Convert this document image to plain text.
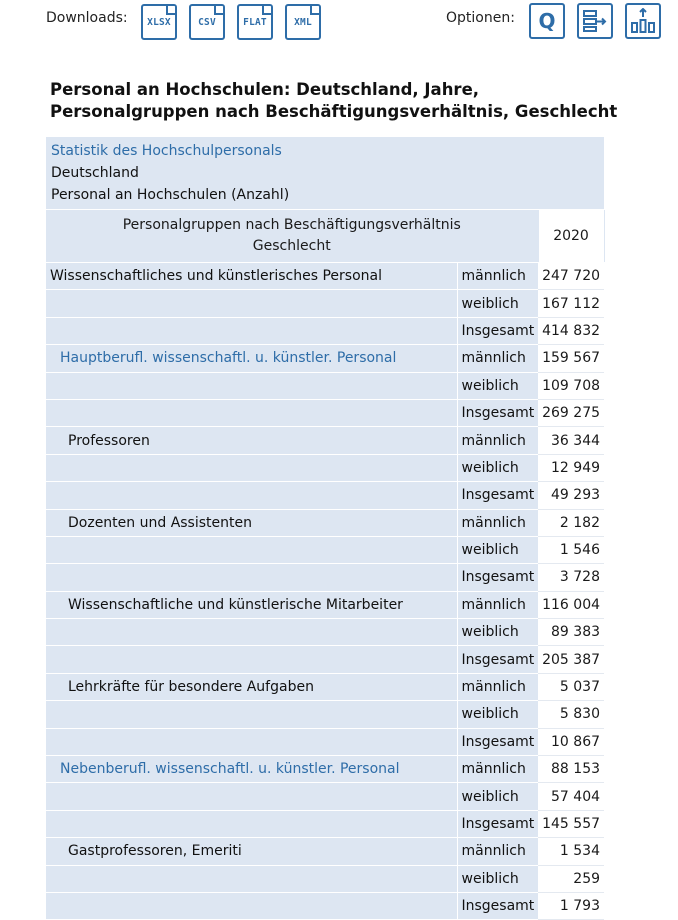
Downloads: XLSX	CSV	FLAT	XML	Optionen: Q
Personal an Hochschulen: Deutschland, Jahre,
Personalgruppen nach Beschäftigungsverhältnis, Geschlecht
Statistik des Hochschulpersonals
Deutschland
Personal an Hochschulen (Anzahl)		

Personalgruppen nach Beschäftigungsverhältnis
Geschlecht		2020
Wissenschaftliches und künstlerisches Personal	männlich	247 720
	weiblich	167 112
	Insgesamt	414 832
Hauptberufl. wissenschaftl. u. künstler. Personal	männlich	159 567
	weiblich	109 708
	Insgesamt	269 275
Professoren	männlich	36 344
	weiblich	12 949
	Insgesamt	49 293
Dozenten und Assistenten	männlich	2 182
	weiblich	1 546
	Insgesamt	3 728
Wissenschaftliche und künstlerische Mitarbeiter	männlich	116 004
	weiblich	89 383
	Insgesamt	205 387
Lehrkräfte für besondere Aufgaben	männlich	5 037
	weiblich	5 830
	Insgesamt	10 867
Nebenberufl. wissenschaftl. u. künstler. Personal	männlich	88 153
	weiblich	57 404
	Insgesamt	145 557
Gastprofessoren, Emeriti	männlich	1 534
	weiblich	259
	Insgesamt	1 793
